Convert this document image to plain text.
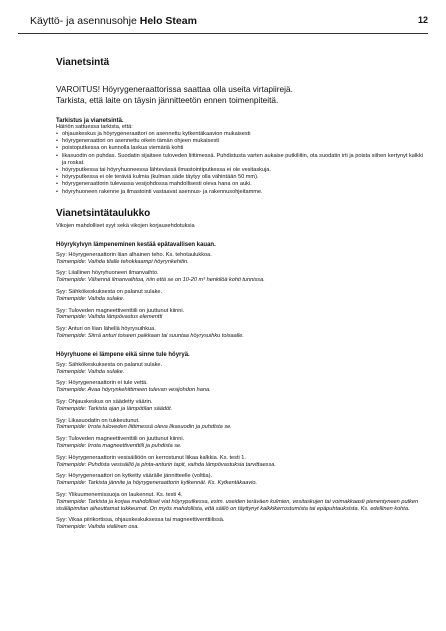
Käyttö- ja asennusohje Helo Steam	12
Vianetsintä
VAROITUS! Höyrygeneraattorissa saattaa olla useita virtapiirejä.
Tarkista, että laite on täysin jännitteetön ennen toimenpiteitä.
Tarkistus ja vianetsintä.
Häiriön sattuessa tarkista, että:
• ohjauskeskus ja höyrygeneraattori on asennettu kytkentäkaavion mukaisesti
• höyrygeneraattori on asennettu oikein tämän ohjeen mukaisesti
• poistoputkessa on kunnolla laskua viemäriä kohti
• likasuodin on puhdas. Suodatin sijaitsee tuloveden liittimessä. Puhdistusta varten aukaise putkiliitin, ota suodatin irti ja poista siihen kertynyt kalkki ja roskat.
• höyryputkessa tai höyryhuoneessa lähtevässä ilmastointiputkessa ei ole vesitaskuja.
• höyryputkessa ei ole teräviä kulmia (kulman säde täytyy olla vähintään 50 mm).
• höyrygeneraattorin tulevassa vesijohdossa mahdollisesti oleva hana on auki.
• höyryhuoneen rakenne ja ilmastointi vastaavat asennus- ja rakennusohjeitamme.
Vianetsintätaulukko
Vikojen mahdolliset syyt sekä vikojen korjausehdotuksia
Höyrykylvyn lämpeneminen kestää epätavallisen kauan.
Syy: Höyrygeneraattorin liian alhainen teho. Ks. tehotaulukkoa.
Toimenpide: Vaihda tilalle tehokkaampi höyrynkehitin.
Syy: Liiallinen höyryhuoneen ilmanvaihto.
Toimenpide: Vähennä ilmanvaihtoa, niin että se on 10-20 m³ henkilöä kohti tunnissa.
Syy: Sähkökeskuksesta on palanut sulake.
Toimenpide: Vaihda sulake.
Syy: Tuloveden magneettiventtiili on juuttunut kiinni.
Toimenpide: Vaihda lämpövastus elementti
Syy: Anturi on liian lähellä höyrysuihkua.
Toimenpide: Siirrä anturi toiseen paikkaan tai suuntaa höyrysuihku toisaalle.
Höyryhuone ei lämpene eikä sinne tule höyryä.
Syy: Sähkökeskuksesta on palanut sulake.
Toimenpide: Vaihda sulake.
Syy: Höyrygeneraattorin ei tule vettä.
Toimenpide: Avaa höyrynkehittimeen tulevan vesijohdon hana.
Syy: Ohjauskeskus on säädetty väärin.
Toimenpide: Tarkista ajan ja lämpötilan säädöt.
Syy: Likasuodatin on tukkeutunut.
Toimenpide: Irrota tuloveden liittimessä oleva likasuodin ja puhdista se.
Syy: Tuloveden magneettiventtiili on juuttunut kiinni.
Toimenpide: Irrota magneettiventtiili ja puhdista se.
Syy: Höyrygeneraattorin vesisäiliöön on kerrostunut liikaa kalkkia. Ks. testi 1.
Toimenpide: Puhdista vesisäiliö ja pinta-anturin tapit, vaihda lämpövastuksia tarvittaessa.
Syy: Höyrygeneraattori on kytketty väärälle jännitteelle (volttia).
Toimenpide: Tarkista jännite ja höyrygeneraattorin kytkennät. Ks. Kytkentäkaavio.
Syy: Ylikuumenemissuoja on laukennut. Ks. testi 4.
Toimenpide: Tarkista ja korjaa mahdolliset viat höyryputkessa, esim. useiden teräväen kulmien, vesitaskujen tai voimakkaasti pienentyneen putken sisäläpimitan aiheuttamat tukkeumat. On myös mahdollista, että säiliö on täyttynyt kalkkikerrostumista tai epäpuhtauksista. Ks. edellinen kohta.
Syy: Vikaa piirikortissa, ohjauskeskuksessa tai magneettiventtiilissä.
Toimenpide: Vaihda viallinen osa.
